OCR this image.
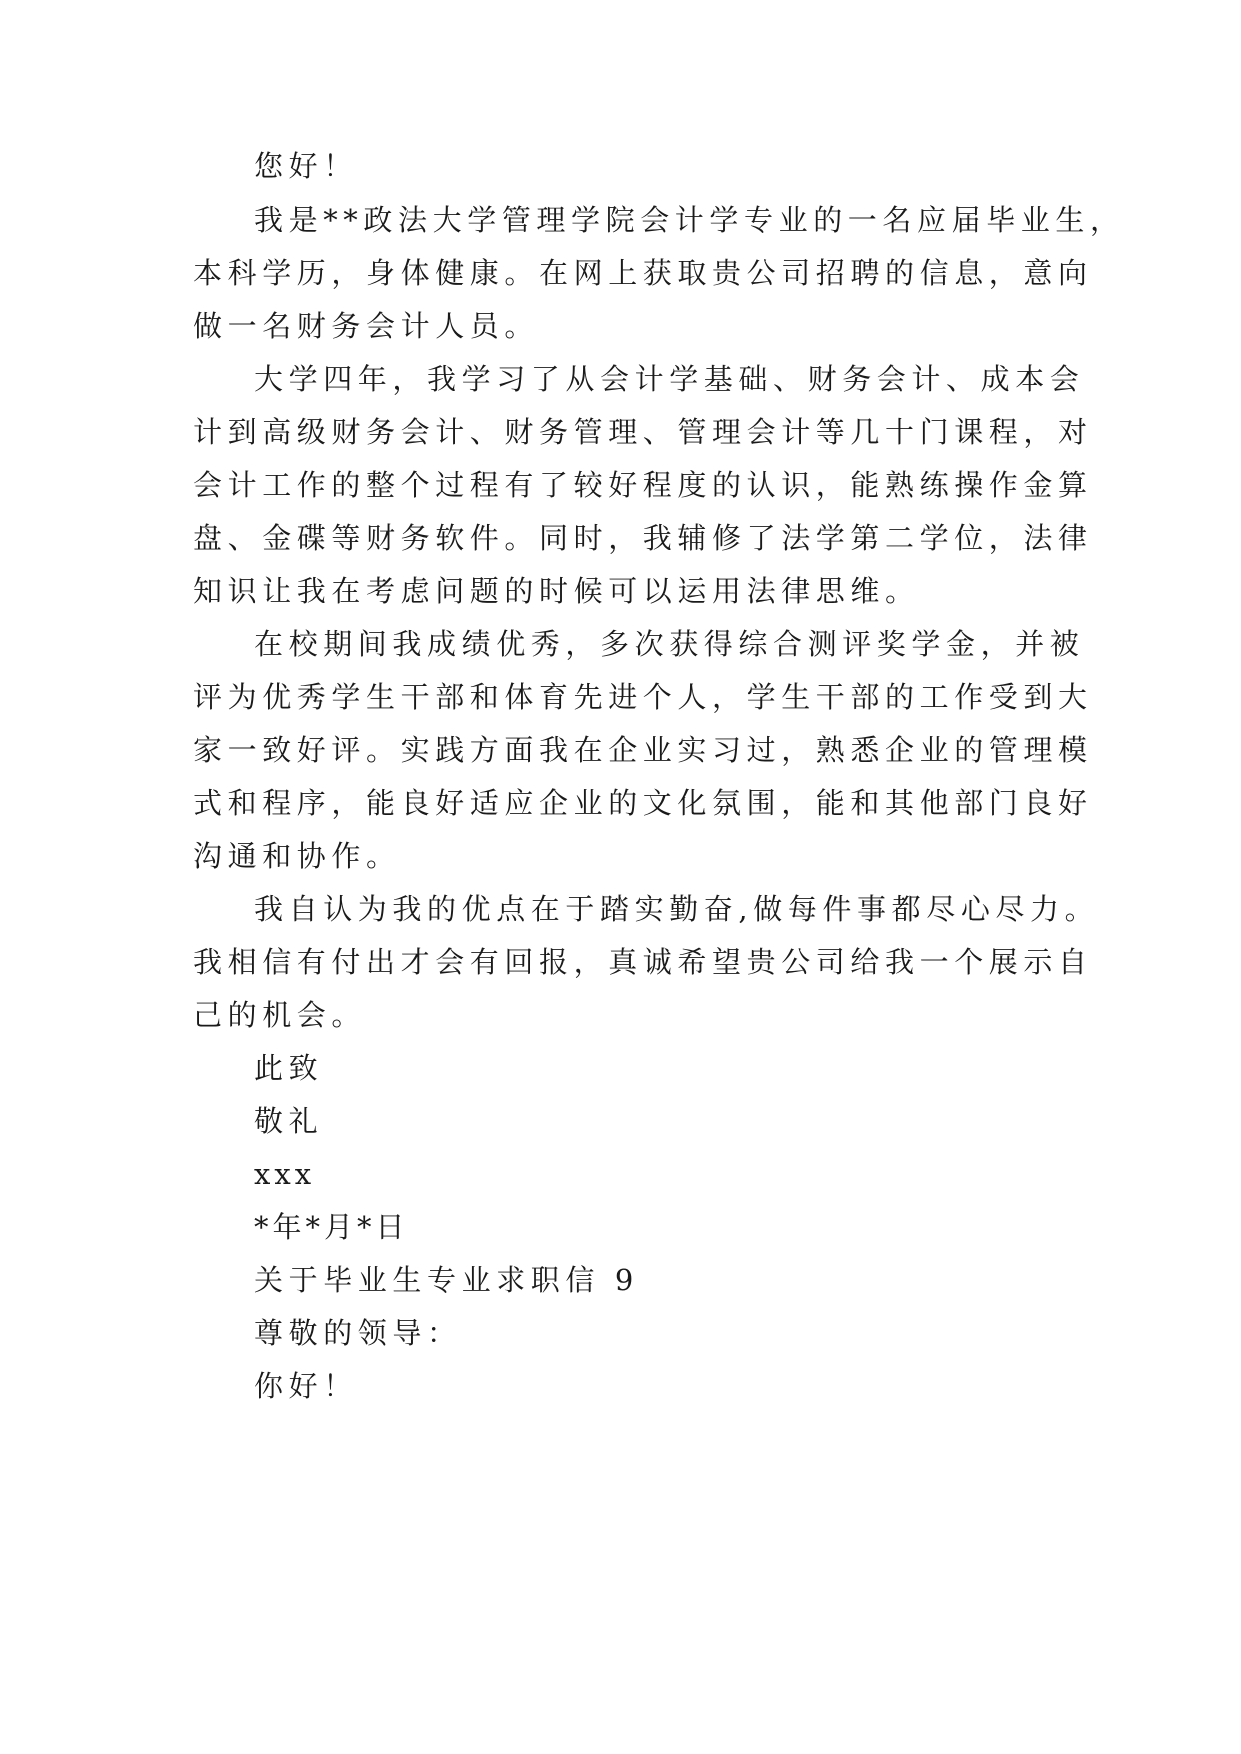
您好！
我是**政法大学管理学院会计学专业的一名应届毕业生，
本科学历，身体健康。在网上获取贵公司招聘的信息，意向
做一名财务会计人员。
大学四年，我学习了从会计学基础、财务会计、成本会
计到高级财务会计、财务管理、管理会计等几十门课程，对
会计工作的整个过程有了较好程度的认识，能熟练操作金算
盘、金碟等财务软件。同时，我辅修了法学第二学位，法律
知识让我在考虑问题的时候可以运用法律思维。
在校期间我成绩优秀，多次获得综合测评奖学金，并被
评为优秀学生干部和体育先进个人，学生干部的工作受到大
家一致好评。实践方面我在企业实习过，熟悉企业的管理模
式和程序，能良好适应企业的文化氛围，能和其他部门良好
沟通和协作。
我自认为我的优点在于踏实勤奋,做每件事都尽心尽力。
我相信有付出才会有回报，真诚希望贵公司给我一个展示自
己的机会。
此致
敬礼
xxx
*年*月*日
关于毕业生专业求职信 9
尊敬的领导：
你好！
